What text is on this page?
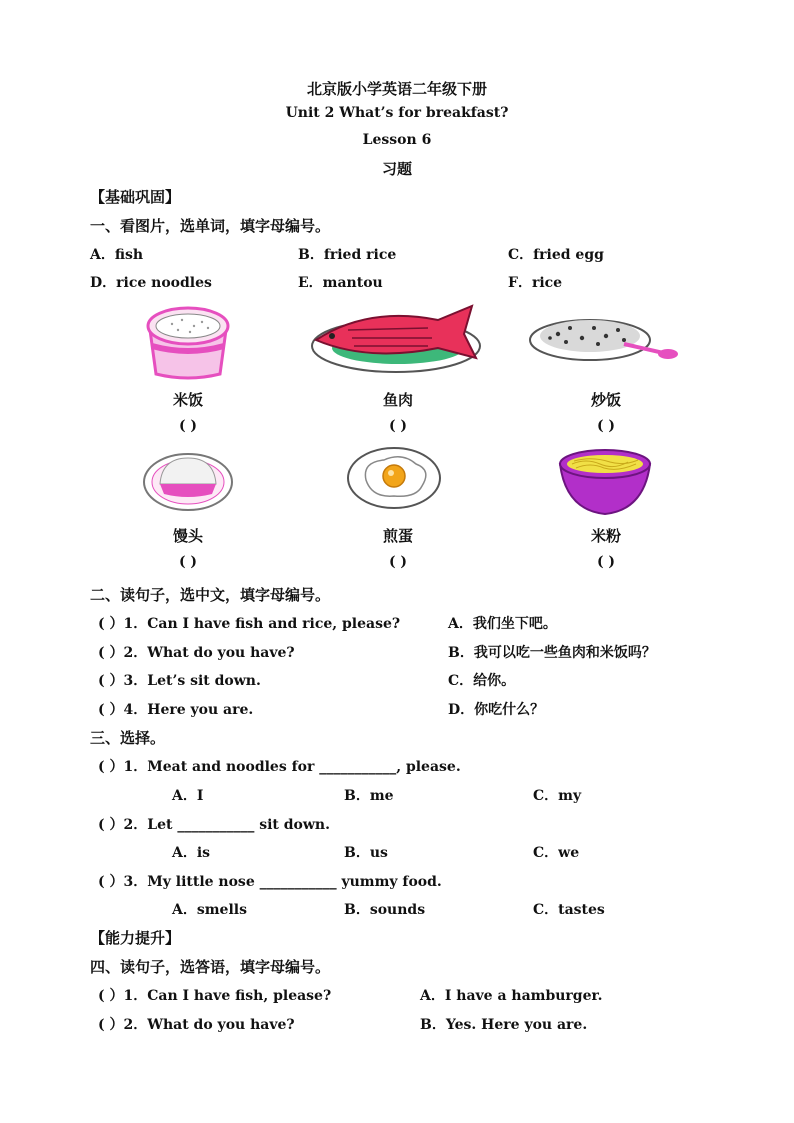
北京版小学英语二年级下册
Unit 2 What’s for breakfast?
Lesson 6
习题
【基础巩固】
一、看图片，选单词，填字母编号。
A．fish	B．fried rice	C．fried egg
D．rice noodles	E．mantou	F．rice
米饭
( )
鱼肉
( )
炒饭
( )
馒头
( )
煎蛋
( )
米粉
( )
二、读句子，选中文，填字母编号。
( ）1．Can I have fish and rice, please?	A．我们坐下吧。
( ）2．What do you have?	B．我可以吃一些鱼肉和米饭吗？
( ）3．Let’s sit down.	C．给你。
( ）4．Here you are.	D．你吃什么？
三、选择。
( ）1．Meat and noodles for ___________, please.
A．I	B．me	C．my
( ）2．Let ___________ sit down.
A．is	B．us	C．we
( ）3．My little nose ___________ yummy food.
A．smells	B．sounds	C．tastes
【能力提升】
四、读句子，选答语，填字母编号。
( ）1．Can I have fish, please?	A．I have a hamburger.
( ）2．What do you have?	B．Yes. Here you are.
